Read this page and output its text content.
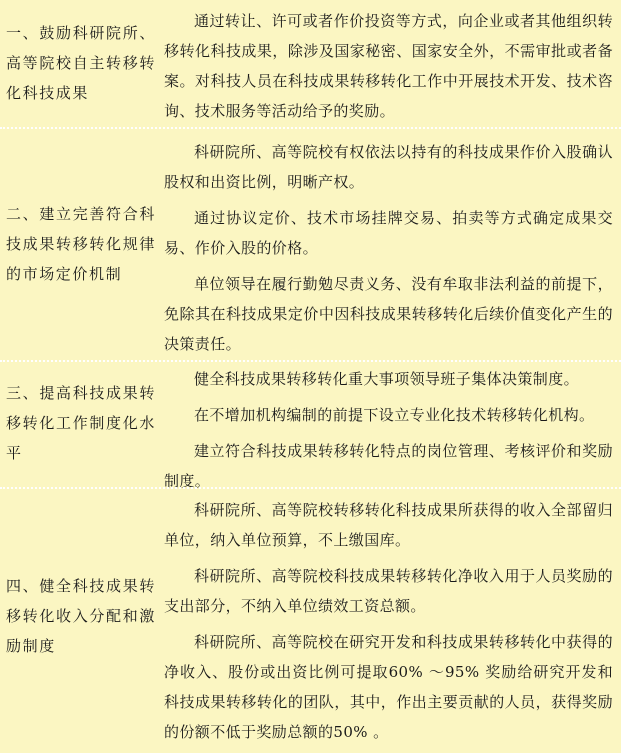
一、鼓励科研院所、高等院校自主转移转化科技成果

通过转让、许可或者作价投资等方式，向企业或者其他组织转移转化科技成果，除涉及国家秘密、国家安全外，不需审批或者备案。对科技人员在科技成果转移转化工作中开展技术开发、技术咨询、技术服务等活动给予的奖励。

二、建立完善符合科技成果转移转化规律的市场定价机制

科研院所、高等院校有权依法以持有的科技成果作价入股确认股权和出资比例，明晰产权。

通过协议定价、技术市场挂牌交易、拍卖等方式确定成果交易、作价入股的价格。

单位领导在履行勤勉尽责义务、没有牟取非法利益的前提下，免除其在科技成果定价中因科技成果转移转化后续价值变化产生的决策责任。

三、提高科技成果转移转化工作制度化水平

健全科技成果转移转化重大事项领导班子集体决策制度。

在不增加机构编制的前提下设立专业化技术转移转化机构。

建立符合科技成果转移转化特点的岗位管理、考核评价和奖励制度。

四、健全科技成果转移转化收入分配和激励制度

科研院所、高等院校转移转化科技成果所获得的收入全部留归单位，纳入单位预算，不上缴国库。

科研院所、高等院校科技成果转移转化净收入用于人员奖励的支出部分，不纳入单位绩效工资总额。

科研院所、高等院校在研究开发和科技成果转移转化中获得的净收入、股份或出资比例可提取60% ～95% 奖励给研究开发和科技成果转移转化的团队，其中，作出主要贡献的人员，获得奖励的份额不低于奖励总额的50% 。
